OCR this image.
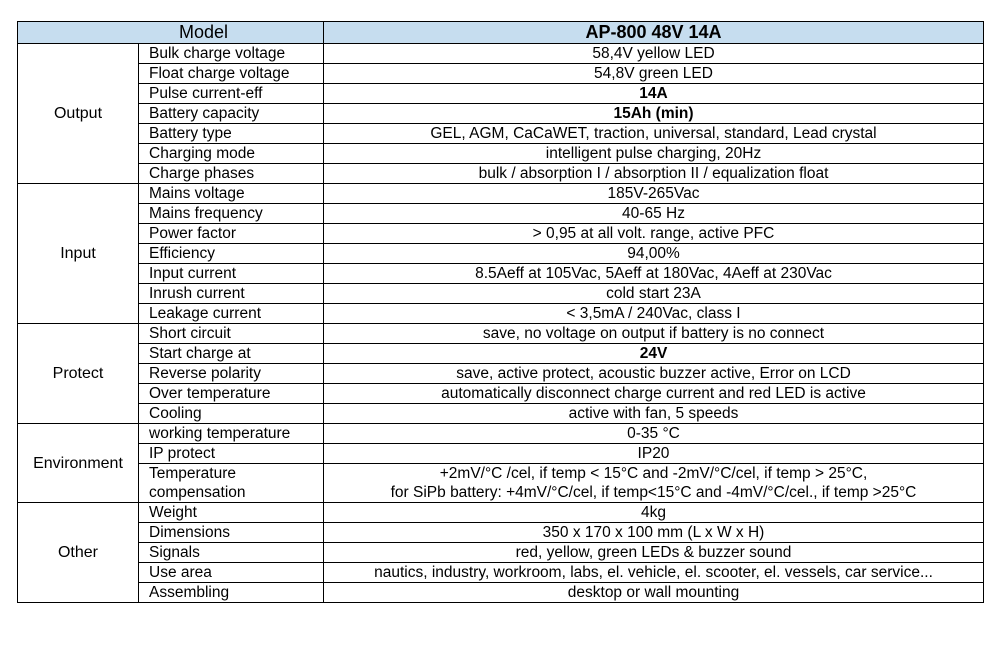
Model		AP-800 48V 14A
Output	Bulk charge voltage	58,4V yellow LED
	Float charge voltage	54,8V green LED
	Pulse current-eff	14A
	Battery capacity	15Ah (min)
	Battery type	GEL, AGM, CaCaWET, traction, universal, standard, Lead crystal
	Charging mode	intelligent pulse charging, 20Hz
	Charge phases	bulk / absorption I / absorption II / equalization float
Input	Mains voltage	185V-265Vac
	Mains frequency	40-65 Hz
	Power factor	> 0,95 at all volt. range, active PFC
	Efficiency	94,00%
	Input current	8.5Aeff at 105Vac, 5Aeff at 180Vac, 4Aeff at 230Vac
	Inrush current	cold start 23A
	Leakage current	< 3,5mA / 240Vac, class I
Protect	Short circuit	save, no voltage on output if battery is no connect
	Start charge at	24V
	Reverse polarity	save, active protect, acoustic buzzer active, Error on LCD
	Over temperature	automatically disconnect charge current and red LED is active
	Cooling	active with fan, 5 speeds
Environment	working temperature	0-35 °C
	IP protect	IP20
	Temperature compensation	+2mV/°C /cel, if temp < 15°C and -2mV/°C/cel, if temp > 25°C,
for SiPb battery: +4mV/°C/cel, if temp<15°C and -4mV/°C/cel., if temp >25°C

Other	Weight	4kg
	Dimensions	350 x 170 x 100 mm (L x W x H)
	Signals	red, yellow, green LEDs & buzzer sound
	Use area	nautics, industry, workroom, labs, el. vehicle, el. scooter, el. vessels, car service...
	Assembling	desktop or wall mounting
